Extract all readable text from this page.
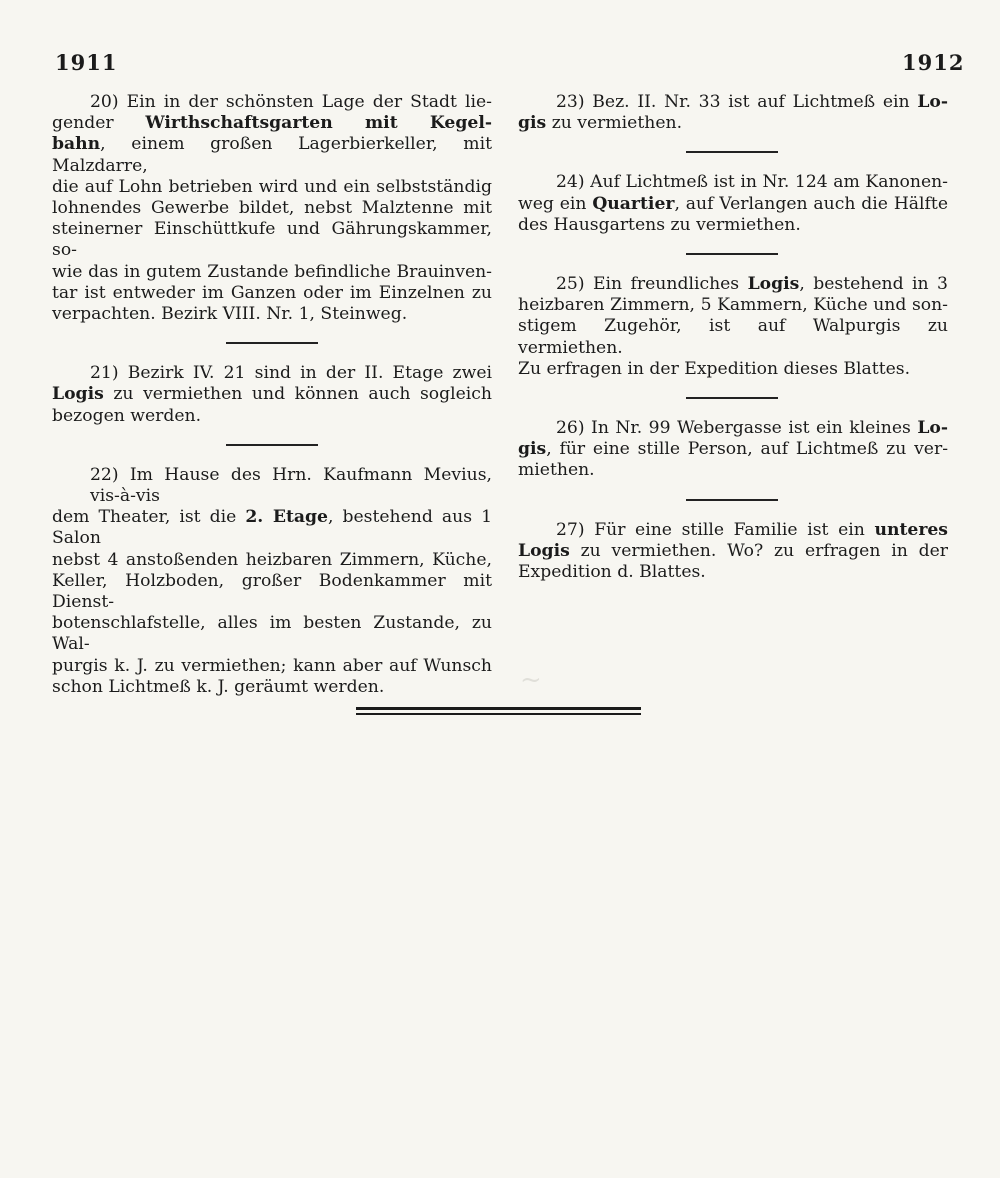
~
1911	1912
20) Ein in der schönsten Lage der Stadt lie-
gender Wirthschaftsgarten mit Kegel-
bahn, einem großen Lagerbierkeller, mit Malzdarre,
die auf Lohn betrieben wird und ein selbstständig
lohnendes Gewerbe bildet, nebst Malztenne mit
steinerner Einschüttkufe und Gährungskammer, so-
wie das in gutem Zustande befindliche Brauinven-
tar ist entweder im Ganzen oder im Einzelnen zu
verpachten. Bezirk VIII. Nr. 1, Steinweg.
21) Bezirk IV. 21 sind in der II. Etage zwei
Logis zu vermiethen und können auch sogleich
bezogen werden.
22) Im Hause des Hrn. Kaufmann Mevius, vis-à-vis
dem Theater, ist die 2. Etage, bestehend aus 1 Salon
nebst 4 anstoßenden heizbaren Zimmern, Küche,
Keller, Holzboden, großer Bodenkammer mit Dienst-
botenschlafstelle, alles im besten Zustande, zu Wal-
purgis k. J. zu vermiethen; kann aber auf Wunsch
schon Lichtmeß k. J. geräumt werden.
23) Bez. II. Nr. 33 ist auf Lichtmeß ein Lo-
gis zu vermiethen.
24) Auf Lichtmeß ist in Nr. 124 am Kanonen-
weg ein Quartier, auf Verlangen auch die Hälfte
des Hausgartens zu vermiethen.
25) Ein freundliches Logis, bestehend in 3
heizbaren Zimmern, 5 Kammern, Küche und son-
stigem Zugehör, ist auf Walpurgis zu vermiethen.
Zu erfragen in der Expedition dieses Blattes.
26) In Nr. 99 Webergasse ist ein kleines Lo-
gis, für eine stille Person, auf Lichtmeß zu ver-
miethen.
27) Für eine stille Familie ist ein unteres
Logis zu vermiethen. Wo? zu erfragen in der
Expedition d. Blattes.
